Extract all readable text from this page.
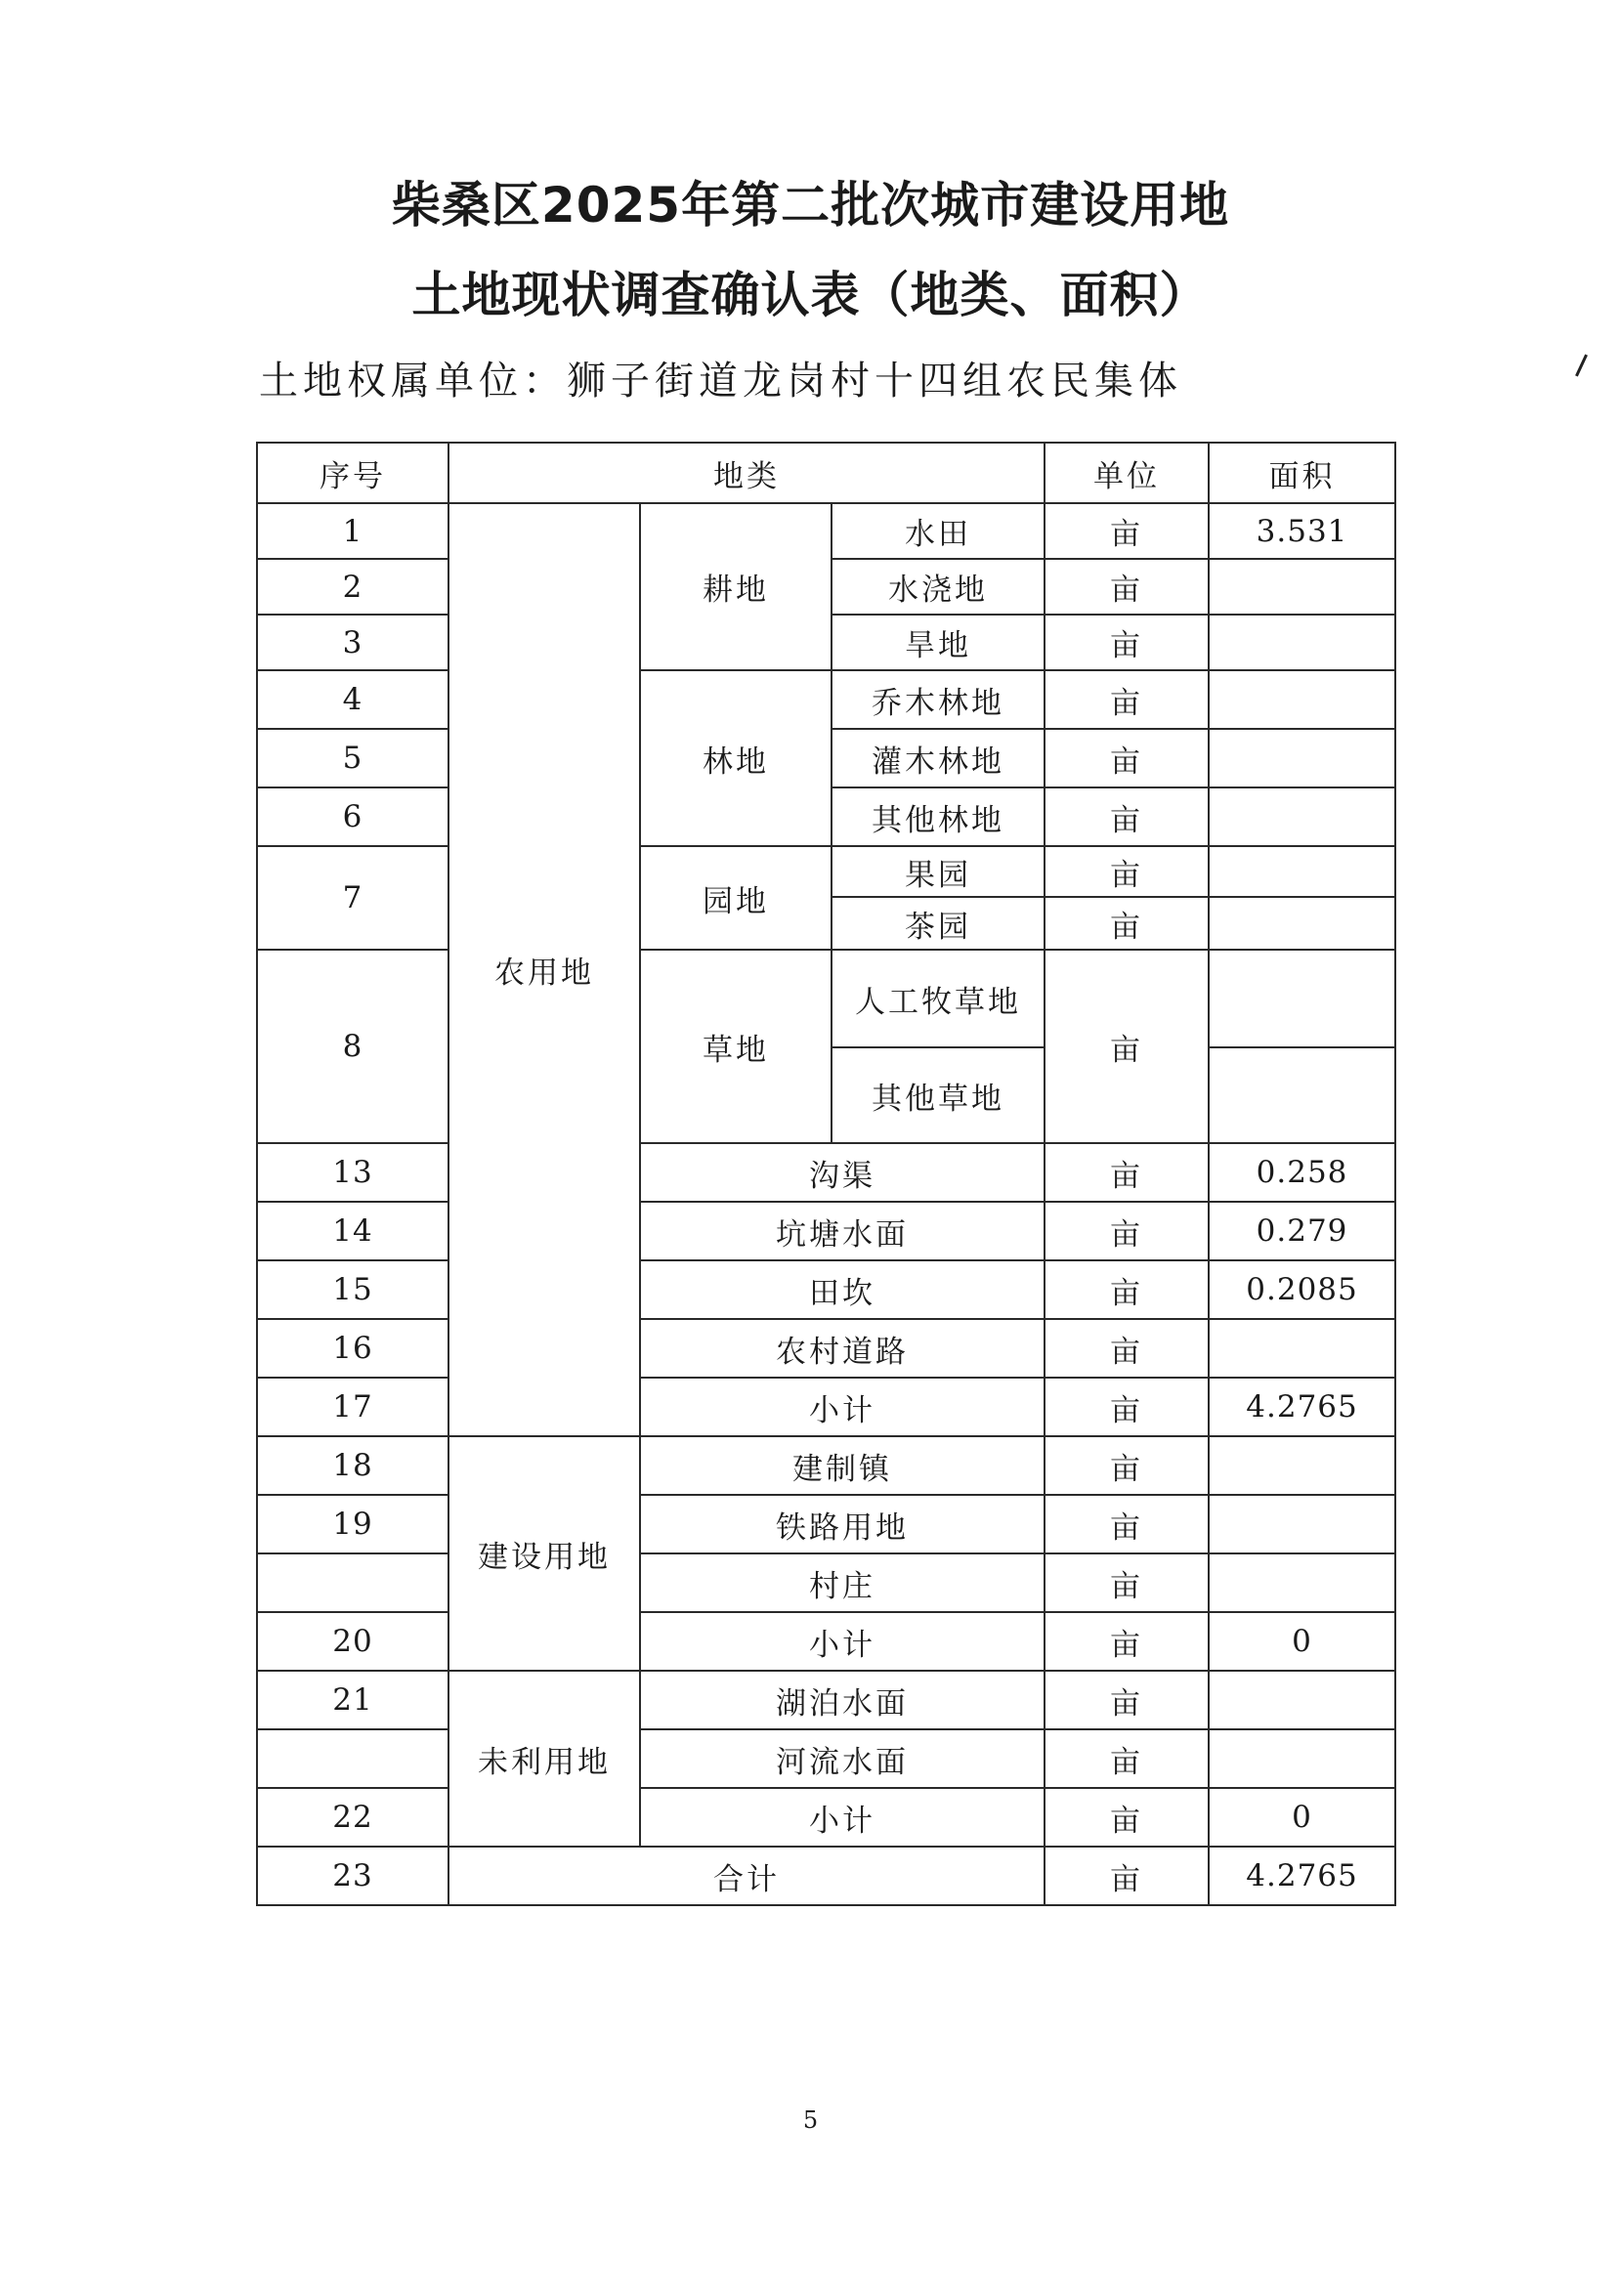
柴桑区2025年第二批次城市建设用地
土地现状调查确认表（地类、面积）
土地权属单位：狮子街道龙岗村十四组农民集体
序号	地类			单位	面积
1	农用地	耕地	水田	亩	3.531
2			水浇地	亩	
3			旱地	亩	
4		林地	乔木林地	亩	
5			灌木林地	亩	
6			其他林地	亩	
7		园地	果园	亩	
			茶园	亩	
8		草地	人工牧草地	亩	
			其他草地		
13		沟渠		亩	0.258
14		坑塘水面		亩	0.279
15		田坎		亩	0.2085
16		农村道路		亩	
17		小计		亩	4.2765
18	建设用地	建制镇		亩	
19		铁路用地		亩	
		村庄		亩	
20		小计		亩	0
21	未利用地	湖泊水面		亩	
		河流水面		亩	
22		小计		亩	0
23	合计			亩	4.2765
5
